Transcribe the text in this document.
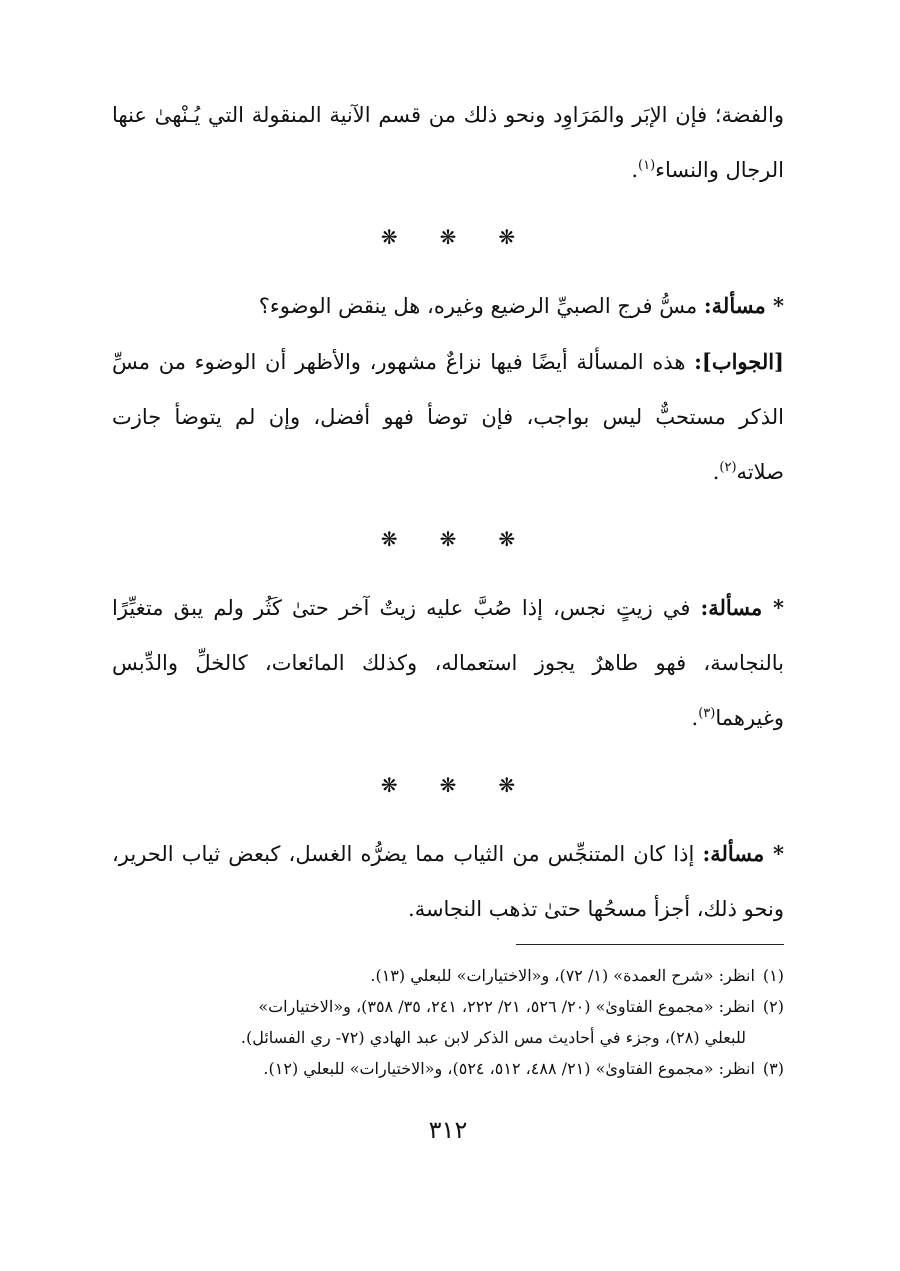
والفضة؛ فإن الإبَر والمَرَاوِد ونحو ذلك من قسم الآنية المنقولة التي يُـنْهىٰ عنها الرجال والنساء$^{(١)}$.

❋
❋
❋

* مسألة: مسُّ فرج الصبيِّ الرضيع وغيره، هل ينقض الوضوء؟

[الجواب]: هذه المسألة أيضًا فيها نزاعٌ مشهور، والأظهر أن الوضوء من مسِّ الذكر مستحبٌّ ليس بواجب، فإن توضأ فهو أفضل، وإن لم يتوضأ جازت صلاته$^{(٢)}$.

❋
❋
❋

* مسألة: في زيتٍ نجس، إذا صُبَّ عليه زيتٌ آخر حتىٰ كَثُر ولم يبق متغيِّرًا بالنجاسة، فهو طاهرٌ يجوز استعماله، وكذلك المائعات، كالخلِّ والدِّبس وغيرهما$^{(٣)}$.

❋
❋
❋

* مسألة: إذا كان المتنجِّس من الثياب مما يضرُّه الغسل، كبعض ثياب الحرير، ونحو ذلك، أجزأ مسحُها حتىٰ تذهب النجاسة.

(١)انظر: «شرح العمدة» (١/ ٧٢)، و«الاختيارات» للبعلي (١٣).

(٢)انظر: «مجموع الفتاوىٰ» (٢٠/ ٥٢٦، ٢١/ ٢٢٢، ٢٤١، ٣٥/ ٣٥٨)، و«الاختيارات»

للبعلي (٢٨)، وجزء في أحاديث مس الذكر لابن عبد الهادي (٧٢- ري الفسائل).

(٣)انظر: «مجموع الفتاوىٰ» (٢١/ ٤٨٨، ٥١٢، ٥٢٤)، و«الاختيارات» للبعلي (١٢).

٣١٢
